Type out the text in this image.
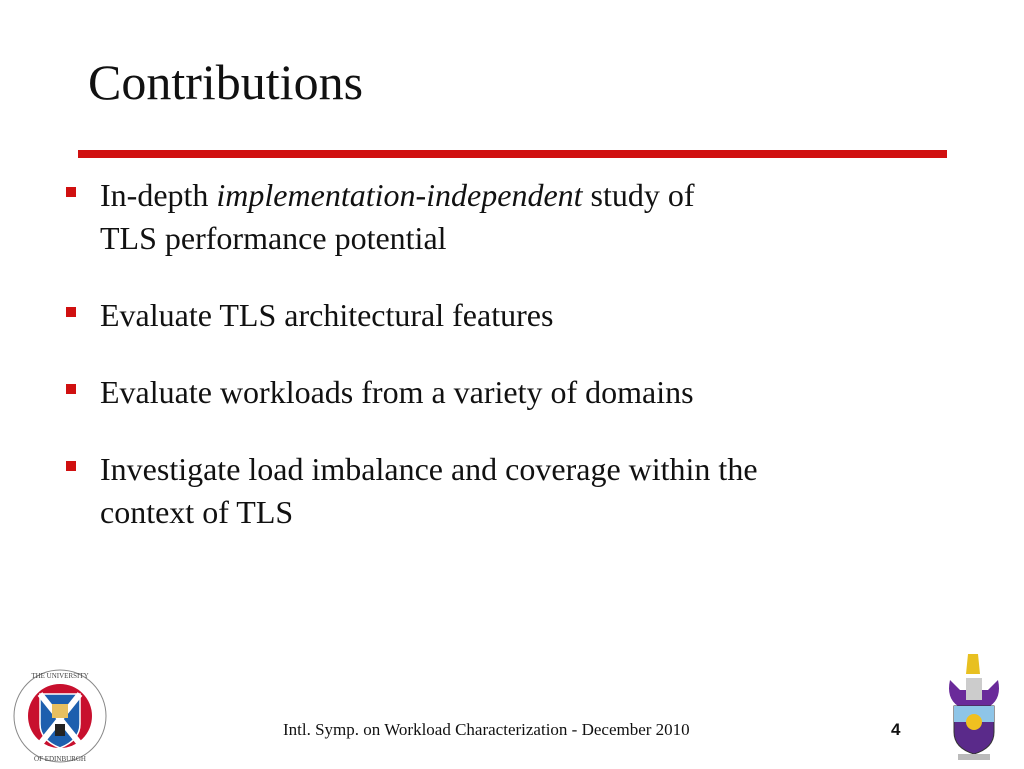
Contributions
In-depth implementation-independent study of
TLS performance potential
Evaluate TLS architectural features
Evaluate workloads from a variety of domains
Investigate load imbalance and coverage within the
context of TLS
THE UNIVERSITY
OF EDINBURGH
Intl. Symp. on Workload Characterization - December 2010	4
